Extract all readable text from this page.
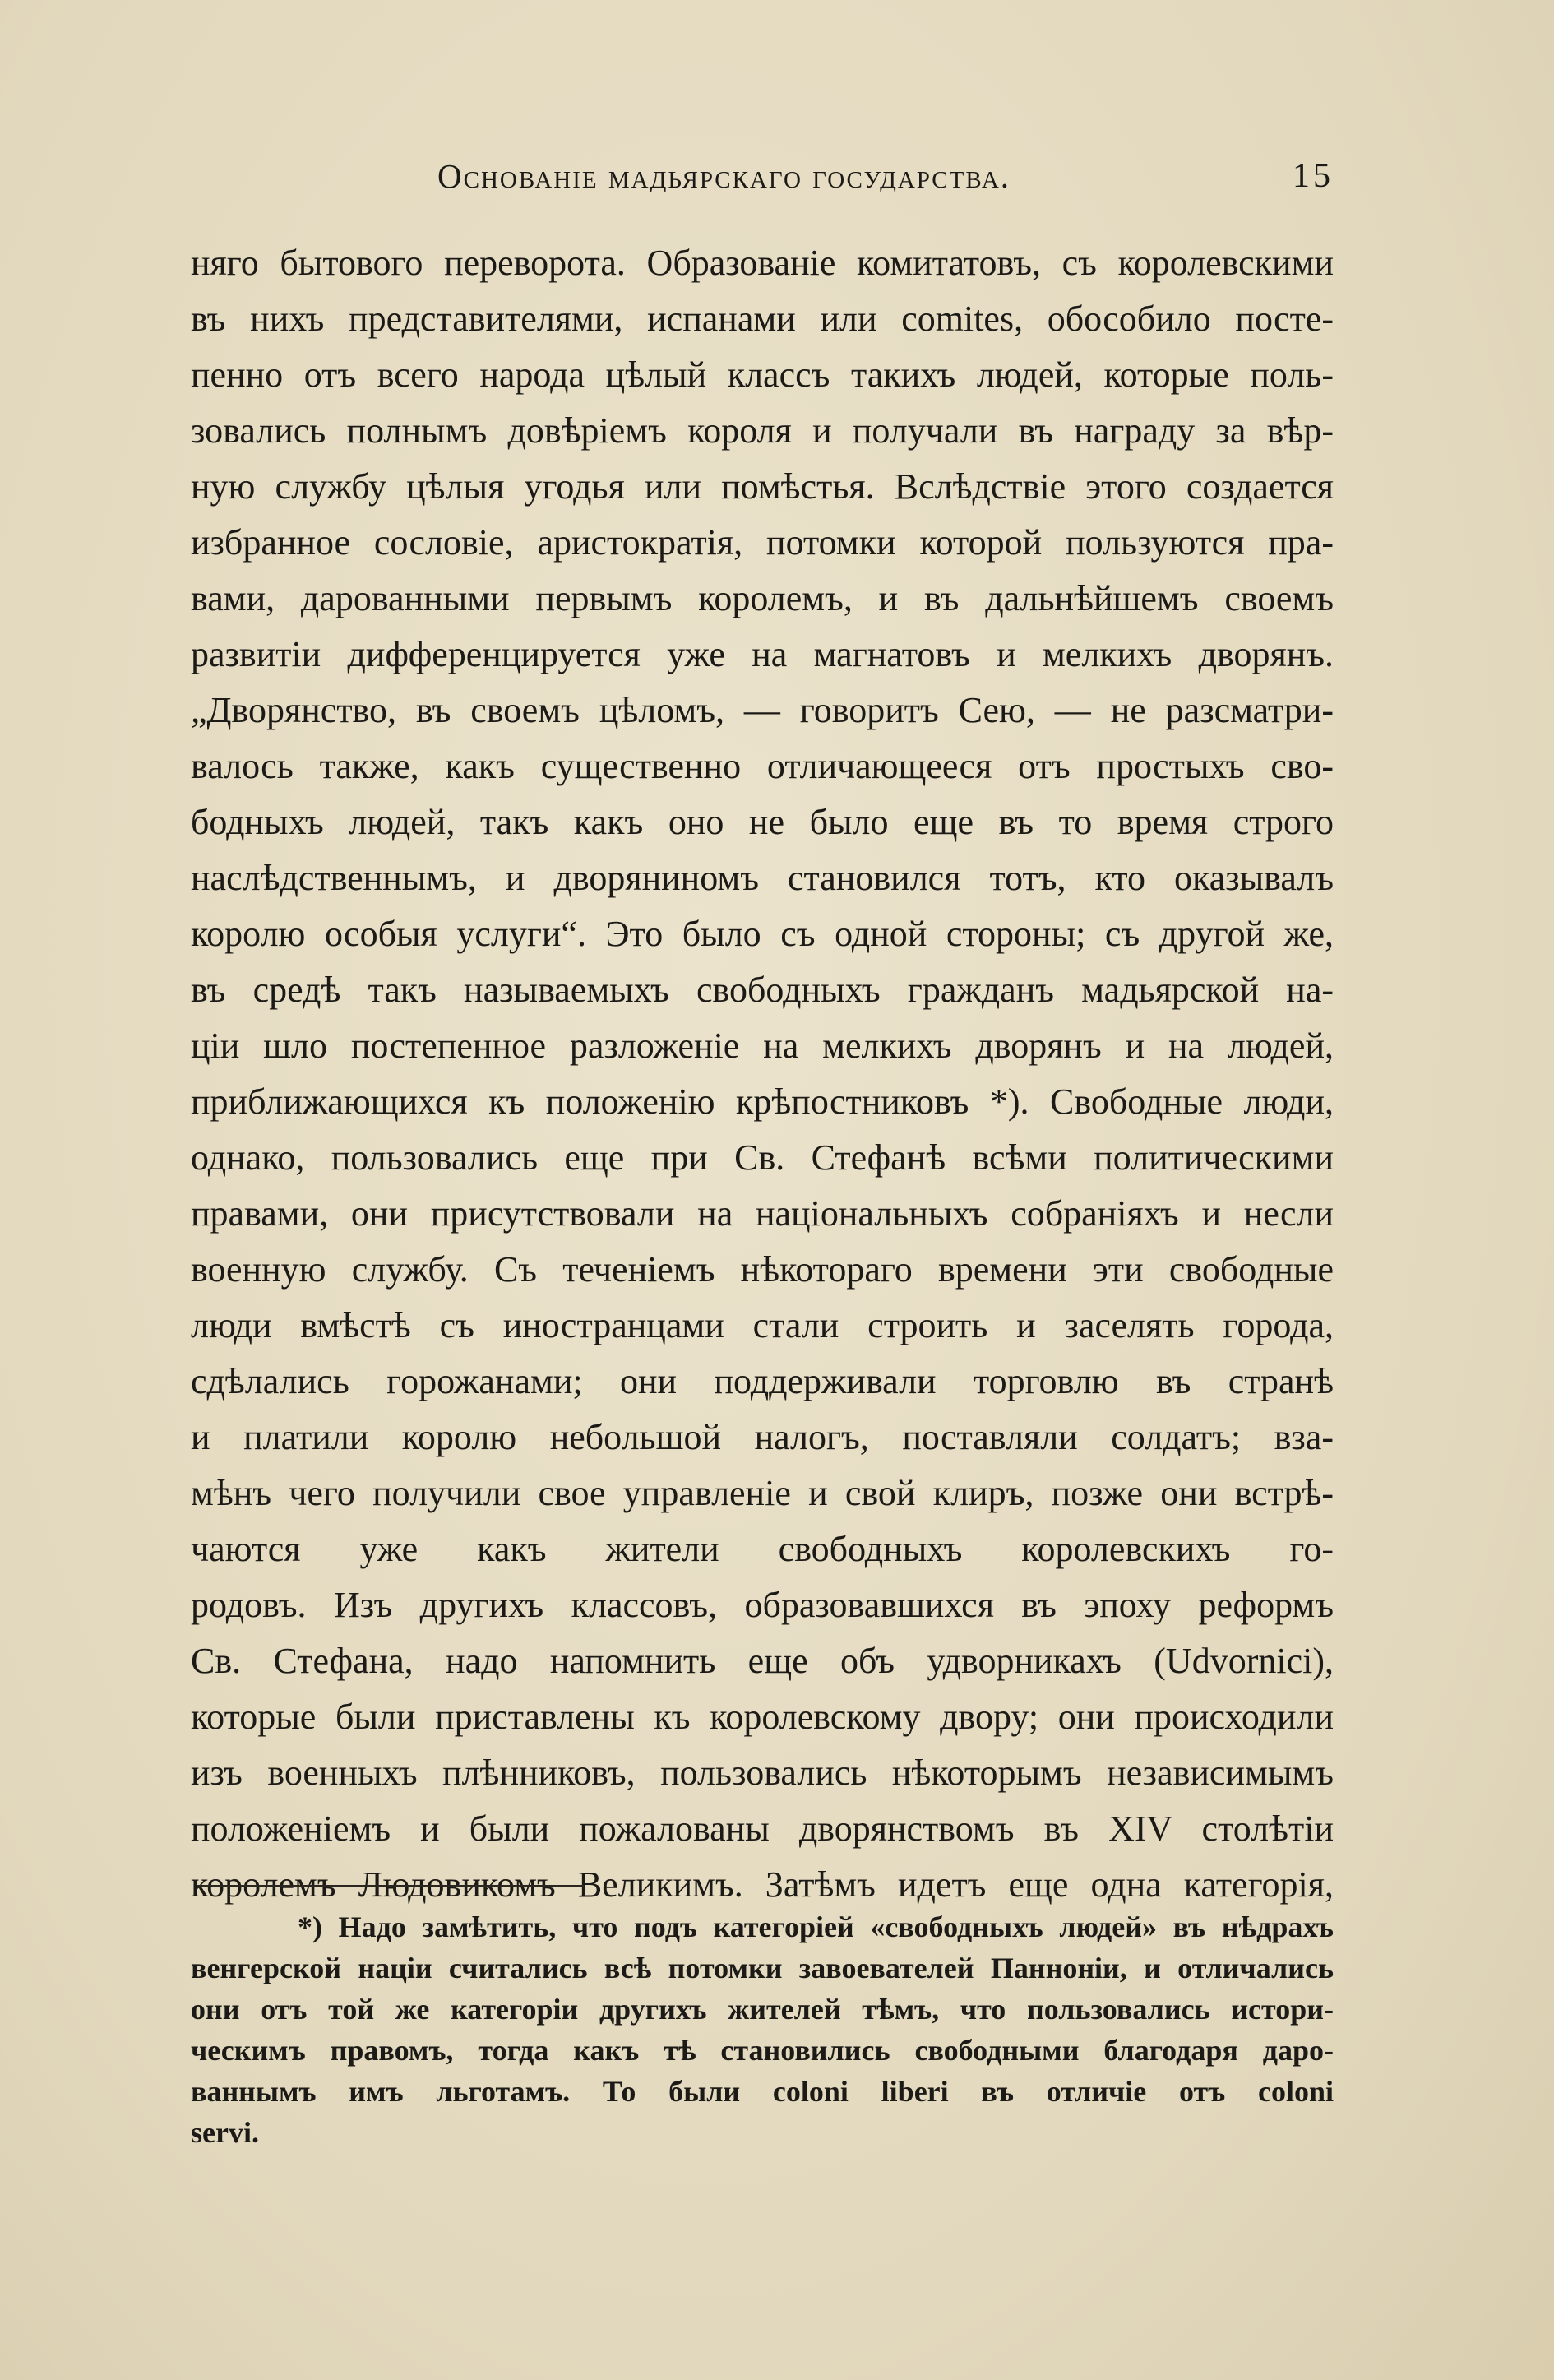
Основаніе мадьярскаго государства.	15
няго бытового переворота. Образованіе комитатовъ, съ королевскими
въ нихъ представителями, испанами или comites, обособило посте-
пенно отъ всего народа цѣлый классъ такихъ людей, которые поль-
зовались полнымъ довѣріемъ короля и получали въ награду за вѣр-
ную службу цѣлыя угодья или помѣстья. Вслѣдствіе этого создается
избранное сословіе, аристократія, потомки которой пользуются пра-
вами, дарованными первымъ королемъ, и въ дальнѣйшемъ своемъ
развитіи дифференцируется уже на магнатовъ и мелкихъ дворянъ.
„Дворянство, въ своемъ цѣломъ, — говоритъ Сею, — не разсматри-
валось также, какъ существенно отличающееся отъ простыхъ сво-
бодныхъ людей, такъ какъ оно не было еще въ то время строго
наслѣдственнымъ, и дворяниномъ становился тотъ, кто оказывалъ
королю особыя услуги“. Это было съ одной стороны; съ другой же,
въ средѣ такъ называемыхъ свободныхъ гражданъ мадьярской на-
ціи шло постепенное разложеніе на мелкихъ дворянъ и на людей,
приближающихся къ положенію крѣпостниковъ *). Свободные люди,
однако, пользовались еще при Св. Стефанѣ всѣми политическими
правами, они присутствовали на національныхъ собраніяхъ и несли
военную службу. Съ теченіемъ нѣкотораго времени эти свободные
люди вмѣстѣ съ иностранцами стали строить и заселять города,
сдѣлались горожанами; они поддерживали торговлю въ странѣ
и платили королю небольшой налогъ, поставляли солдатъ; вза-
мѣнъ чего получили свое управленіе и свой клиръ, позже они встрѣ-
чаются уже какъ жители свободныхъ королевскихъ го-
родовъ. Изъ другихъ классовъ, образовавшихся въ эпоху реформъ
Св. Стефана, надо напомнить еще объ удворникахъ (Udvornici),
которые были приставлены къ королевскому двору; они происходили
изъ военныхъ плѣнниковъ, пользовались нѣкоторымъ независимымъ
положеніемъ и были пожалованы дворянствомъ въ XIV столѣтіи
королемъ Людовикомъ Великимъ. Затѣмъ идетъ еще одна категорія,
*) Надо замѣтить, что подъ категоріей «свободныхъ людей» въ нѣдрахъ
венгерской націи считались всѣ потомки завоевателей Панноніи, и отличались
они отъ той же категоріи другихъ жителей тѣмъ, что пользовались истори-
ческимъ правомъ, тогда какъ тѣ становились свободными благодаря даро-
ваннымъ имъ льготамъ. То были coloni liberi въ отличіе отъ coloni
servi.
